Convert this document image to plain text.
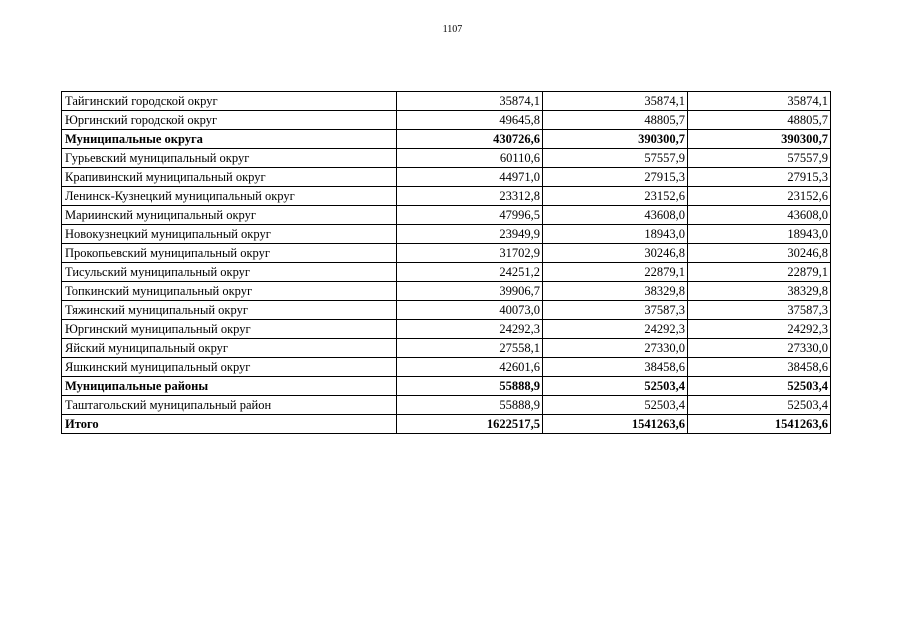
1107
Тайгинский городской округ	35874,1	35874,1	35874,1
Юргинский городской округ	49645,8	48805,7	48805,7
Муниципальные округа	430726,6	390300,7	390300,7
Гурьевский муниципальный округ	60110,6	57557,9	57557,9
Крапивинский муниципальный округ	44971,0	27915,3	27915,3
Ленинск-Кузнецкий муниципальный округ	23312,8	23152,6	23152,6
Мариинский муниципальный округ	47996,5	43608,0	43608,0
Новокузнецкий муниципальный округ	23949,9	18943,0	18943,0
Прокопьевский муниципальный округ	31702,9	30246,8	30246,8
Тисульский муниципальный округ	24251,2	22879,1	22879,1
Топкинский муниципальный округ	39906,7	38329,8	38329,8
Тяжинский муниципальный округ	40073,0	37587,3	37587,3
Юргинский муниципальный округ	24292,3	24292,3	24292,3
Яйский муниципальный округ	27558,1	27330,0	27330,0
Яшкинский муниципальный округ	42601,6	38458,6	38458,6
Муниципальные районы	55888,9	52503,4	52503,4
Таштагольский муниципальный район	55888,9	52503,4	52503,4
Итого	1622517,5	1541263,6	1541263,6
